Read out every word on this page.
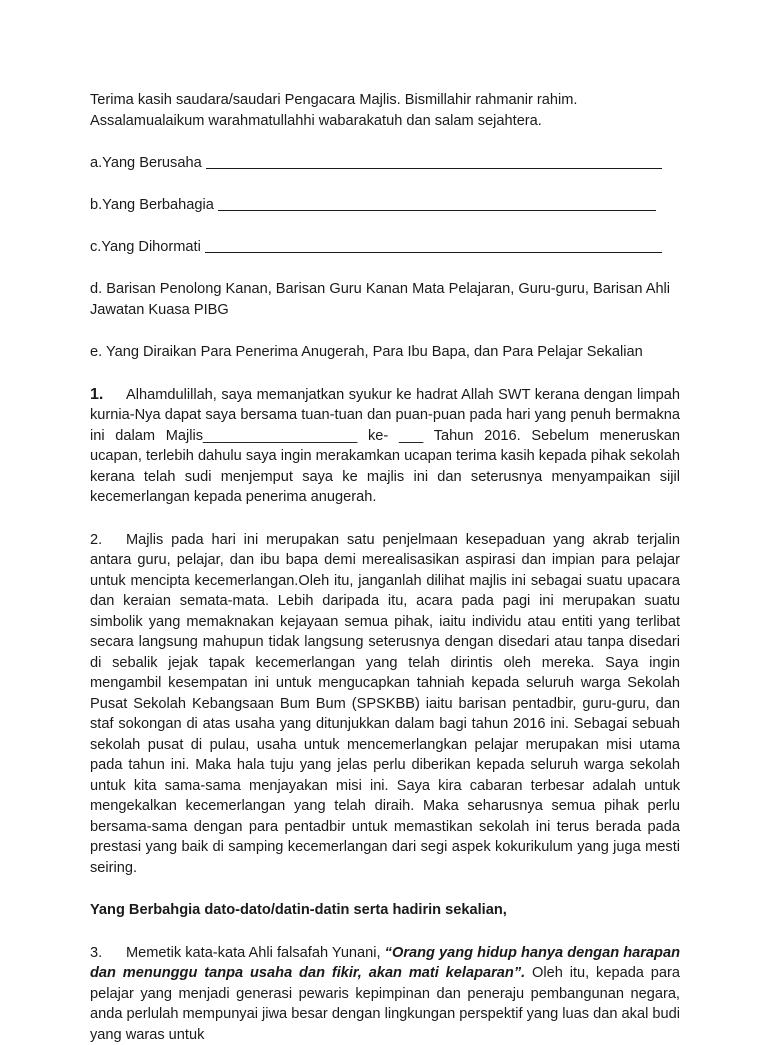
Terima kasih saudara/saudari Pengacara Majlis. Bismillahir rahmanir rahim. Assalamualaikum warahmatullahhi wabarakatuh dan salam sejahtera.

a.Yang Berusaha
b.Yang Berbahagia
c.Yang Dihormati

d. Barisan Penolong Kanan, Barisan Guru Kanan Mata Pelajaran, Guru-guru, Barisan Ahli Jawatan Kuasa PIBG

e. Yang Diraikan Para Penerima Anugerah, Para Ibu Bapa, dan Para Pelajar Sekalian

1. Alhamdulillah, saya memanjatkan syukur ke hadrat Allah SWT kerana dengan limpah kurnia-Nya dapat saya bersama tuan-tuan dan puan-puan pada hari yang penuh bermakna ini dalam Majlis___________________ ke- ___ Tahun 2016. Sebelum meneruskan ucapan, terlebih dahulu saya ingin merakamkan ucapan terima kasih kepada pihak sekolah kerana telah sudi menjemput saya ke majlis ini dan seterusnya menyampaikan sijil kecemerlangan kepada penerima anugerah.

2. Majlis pada hari ini merupakan satu penjelmaan kesepaduan yang akrab terjalin antara guru, pelajar, dan ibu bapa demi merealisasikan aspirasi dan impian para pelajar untuk mencipta kecemerlangan.Oleh itu, janganlah dilihat majlis ini sebagai suatu upacara dan keraian semata-mata. Lebih daripada itu, acara pada pagi ini merupakan suatu simbolik yang memaknakan kejayaan semua pihak, iaitu individu atau entiti yang terlibat secara langsung mahupun tidak langsung seterusnya dengan disedari atau tanpa disedari di sebalik jejak tapak kecemerlangan yang telah dirintis oleh mereka. Saya ingin mengambil kesempatan ini untuk mengucapkan tahniah kepada seluruh warga Sekolah Pusat Sekolah Kebangsaan Bum Bum (SPSKBB) iaitu barisan pentadbir, guru-guru, dan staf sokongan di atas usaha yang ditunjukkan dalam bagi tahun 2016 ini. Sebagai sebuah sekolah pusat di pulau, usaha untuk mencemerlangkan pelajar merupakan misi utama pada tahun ini. Maka hala tuju yang jelas perlu diberikan kepada seluruh warga sekolah untuk kita sama-sama menjayakan misi ini. Saya kira cabaran terbesar adalah untuk mengekalkan kecemerlangan yang telah diraih. Maka seharusnya semua pihak perlu bersama-sama dengan para pentadbir untuk memastikan sekolah ini terus berada pada prestasi yang baik di samping kecemerlangan dari segi aspek kokurikulum yang juga mesti seiring.

Yang Berbahgia dato-dato/datin-datin serta hadirin sekalian,

3. Memetik kata-kata Ahli falsafah Yunani, “Orang yang hidup hanya dengan harapan dan menunggu tanpa usaha dan fikir, akan mati kelaparan”. Oleh itu, kepada para pelajar yang menjadi generasi pewaris kepimpinan dan peneraju pembangunan negara, anda perlulah mempunyai jiwa besar dengan lingkungan perspektif yang luas dan akal budi yang waras untuk
